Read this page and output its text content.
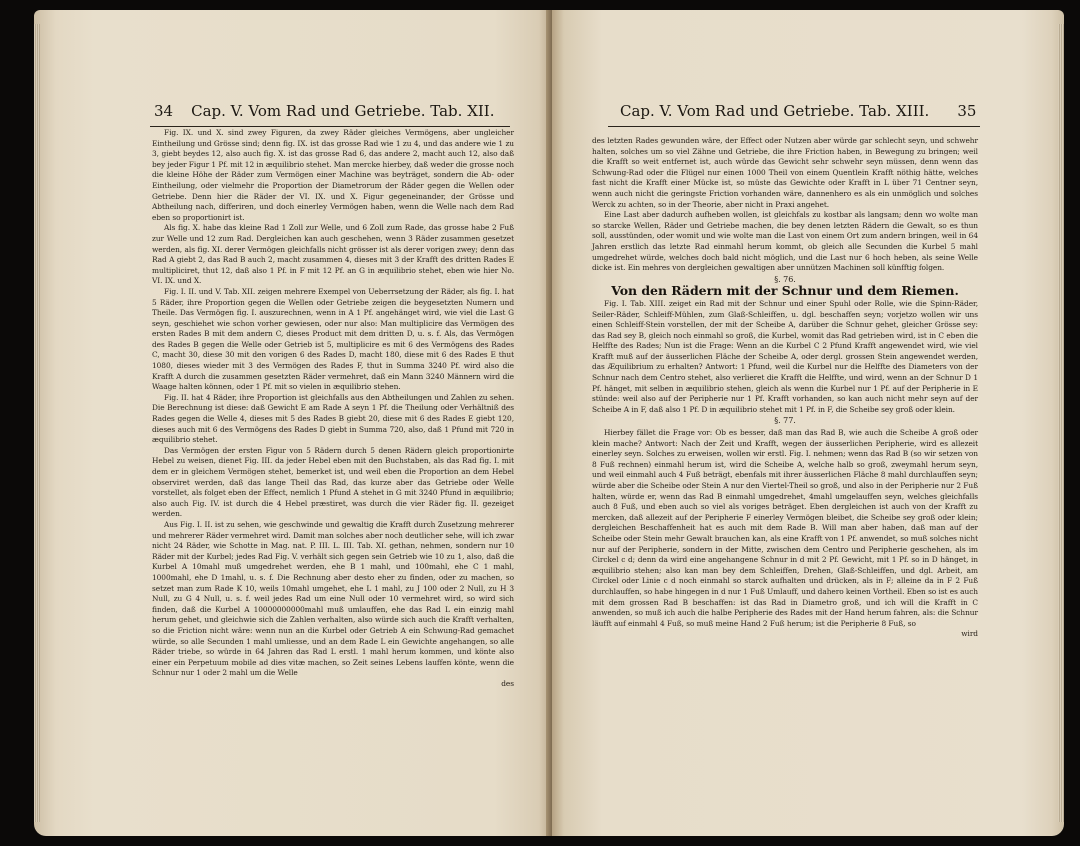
34 Cap. V. Vom Rad und Getriebe. Tab. XII.

Fig. IX. und X. sind zwey Figuren, da zwey Räder gleiches Vermögens, aber ungleicher Eintheilung und Grösse sind; denn fig. IX. ist das grosse Rad wie 1 zu 4, und das andere wie 1 zu 3, giebt beydes 12, also auch fig. X. ist das grosse Rad 6, das andere 2, macht auch 12, also daß bey jeder Figur 1 Pf. mit 12 in æquilibrio stehet. Man mercke hierbey, daß weder die grosse noch die kleine Höhe der Räder zum Vermögen einer Machine was beyträget, sondern die Ab- oder Eintheilung, oder vielmehr die Proportion der Diametrorum der Räder gegen die Wellen oder Getriebe. Denn hier die Räder der VI. IX. und X. Figur gegeneinander, der Grösse und Abtheilung nach, differiren, und doch einerley Vermögen haben, wenn die Welle nach dem Rad eben so proportionirt ist.

Als fig. X. habe das kleine Rad 1 Zoll zur Welle, und 6 Zoll zum Rade, das grosse habe 2 Fuß zur Welle und 12 zum Rad. Dergleichen kan auch geschehen, wenn 3 Räder zusammen gesetzet werden, als fig. XI. derer Vermögen gleichfalls nicht grösser ist als derer vorigen zwey; denn das Rad A giebt 2, das Rad B auch 2, macht zusammen 4, dieses mit 3 der Krafft des dritten Rades E multipliciret, thut 12, daß also 1 Pf. in F mit 12 Pf. an G in æquilibrio stehet, eben wie hier No. VI. IX. und X.

Fig. I. II. und V. Tab. XII. zeigen mehrere Exempel von Ueberrsetzung der Räder, als fig. I. hat 5 Räder, ihre Proportion gegen die Wellen oder Getriebe zeigen die beygesetzten Numern und Theile. Das Vermögen fig. I. auszurechnen, wenn in A 1 Pf. angehänget wird, wie viel die Last G seyn, geschiehet wie schon vorher gewiesen, oder nur also: Man multiplicire das Vermögen des ersten Rades B mit dem andern C, dieses Product mit dem dritten D, u. s. f. Als, das Vermögen des Rades B gegen die Welle oder Getrieb ist 5, multiplicire es mit 6 des Vermögens des Rades C, macht 30, diese 30 mit den vorigen 6 des Rades D, macht 180, diese mit 6 des Rades E thut 1080, dieses wieder mit 3 des Vermögen des Rades F, thut in Summa 3240 Pf. wird also die Krafft A durch die zusammen gesetzten Räder vermehret, daß ein Mann 3240 Männern wird die Waage halten können, oder 1 Pf. mit so vielen in æquilibrio stehen.

Fig. II. hat 4 Räder, ihre Proportion ist gleichfalls aus den Abtheilungen und Zahlen zu sehen. Die Berechnung ist diese: daß Gewicht E am Rade A seyn 1 Pf. die Theilung oder Verhältniß des Rades gegen die Welle 4, dieses mit 5 des Rades B giebt 20, diese mit 6 des Rades E giebt 120, dieses auch mit 6 des Vermögens des Rades D giebt in Summa 720, also, daß 1 Pfund mit 720 in æquilibrio stehet.

Das Vermögen der ersten Figur von 5 Rädern durch 5 denen Rädern gleich proportionirte Hebel zu weisen, dienet Fig. III. da jeder Hebel eben mit den Buchstaben, als das Rad fig. I. mit dem er in gleichem Vermögen stehet, bemerket ist, und weil eben die Proportion an dem Hebel observiret werden, daß das lange Theil das Rad, das kurze aber das Getriebe oder Welle vorstellet, als folget eben der Effect, nemlich 1 Pfund A stehet in G mit 3240 Pfund in æquilibrio; also auch Fig. IV. ist durch die 4 Hebel præstiret, was durch die vier Räder fig. II. gezeiget werden.

Aus Fig. I. II. ist zu sehen, wie geschwinde und gewaltig die Krafft durch Zusetzung mehrerer und mehrerer Räder vermehret wird. Damit man solches aber noch deutlicher sehe, will ich zwar nicht 24 Räder, wie Schotte in Mag. nat. P. III. L. III. Tab. XI. gethan, nehmen, sondern nur 10 Räder mit der Kurbel; jedes Rad Fig. V. verhält sich gegen sein Getrieb wie 10 zu 1, also, daß die Kurbel A 10mahl muß umgedrehet werden, ehe B 1 mahl, und 100mahl, ehe C 1 mahl, 1000mahl, ehe D 1mahl, u. s. f. Die Rechnung aber desto eher zu finden, oder zu machen, so setzet man zum Rade K 10, weils 10mahl umgehet, ehe L 1 mahl, zu J 100 oder 2 Null, zu H 3 Null, zu G 4 Null, u. s. f. weil jedes Rad um eine Null oder 10 vermehret wird, so wird sich finden, daß die Kurbel A 10000000000mahl muß umlauffen, ehe das Rad L ein einzig mahl herum gehet, und gleichwie sich die Zahlen verhalten, also würde sich auch die Krafft verhalten, so die Friction nicht wäre: wenn nun an die Kurbel oder Getrieb A ein Schwung-Rad gemachet würde, so alle Secunden 1 mahl umliesse, und an dem Rade L ein Gewichte angehangen, so alle Räder triebe, so würde in 64 Jahren das Rad L erstl. 1 mahl herum kommen, und könte also einer ein Perpetuum mobile ad dies vitæ machen, so Zeit seines Lebens lauffen könte, wenn die Schnur nur 1 oder 2 mahl um die Welle

des
Cap. V. Vom Rad und Getriebe. Tab. XIII. 35

des letzten Rades gewunden wäre, der Effect oder Nutzen aber würde gar schlecht seyn, und schwehr halten, solches um so viel Zähne und Getriebe, die ihre Friction haben, in Bewegung zu bringen; weil die Krafft so weit entfernet ist, auch würde das Gewicht sehr schwehr seyn müssen, denn wenn das Schwung-Rad oder die Flügel nur einen 1000 Theil von einem Quentlein Krafft nöthig hätte, welches fast nicht die Krafft einer Mücke ist, so müste das Gewichte oder Krafft in L über 71 Centner seyn, wenn auch nicht die geringste Friction vorhanden wäre, dannenhero es als ein unmöglich und solches Werck zu achten, so in der Theorie, aber nicht in Praxi angehet.

Eine Last aber dadurch aufheben wollen, ist gleichfals zu kostbar als langsam; denn wo wolte man so starcke Wellen, Räder und Getriebe machen, die bey denen letzten Rädern die Gewalt, so es thun soll, ausstünden, oder womit und wie wolte man die Last von einem Ort zum andern bringen, weil in 64 Jahren erstlich das letzte Rad einmahl herum kommt, ob gleich alle Secunden die Kurbel 5 mahl umgedrehet würde, welches doch bald nicht möglich, und die Last nur 6 hoch heben, als seine Welle dicke ist. Ein mehres von dergleichen gewaltigen aber unnützen Machinen soll künfftig folgen.

§. 76.
Von den Rädern mit der Schnur und dem Riemen.

Fig. I. Tab. XIII. zeiget ein Rad mit der Schnur und einer Spuhl oder Rolle, wie die Spinn-Räder, Seiler-Räder, Schleiff-Mühlen, zum Glaß-Schleiffen, u. dgl. beschaffen seyn; vorjetzo wollen wir uns einen Schleiff-Stein vorstellen, der mit der Scheibe A, darüber die Schnur gehet, gleicher Grösse sey: das Rad sey B, gleich noch einmahl so groß, die Kurbel, womit das Rad getrieben wird, ist in C eben die Helffte des Rades; Nun ist die Frage: Wenn an die Kurbel C 2 Pfund Krafft angewendet wird, wie viel Krafft muß auf der äusserlichen Fläche der Scheibe A, oder dergl. grossen Stein angewendet werden, das Æquilibrium zu erhalten? Antwort: 1 Pfund, weil die Kurbel nur die Helffte des Diameters von der Schnur nach dem Centro stehet, also verlieret die Krafft die Helffte, und wird, wenn an der Schnur D 1 Pf. hänget, mit selben in æquilibrio stehen, gleich als wenn die Kurbel nur 1 Pf. auf der Peripherie in E stünde: weil also auf der Peripherie nur 1 Pf. Krafft vorhanden, so kan auch nicht mehr seyn auf der Scheibe A in F, daß also 1 Pf. D in æquilibrio stehet mit 1 Pf. in F, die Scheibe sey groß oder klein.

§. 77.

Hierbey fället die Frage vor: Ob es besser, daß man das Rad B, wie auch die Scheibe A groß oder klein mache? Antwort: Nach der Zeit und Krafft, wegen der äusserlichen Peripherie, wird es allezeit einerley seyn. Solches zu erweisen, wollen wir erstl. Fig. I. nehmen; wenn das Rad B (so wir setzen von 8 Fuß rechnen) einmahl herum ist, wird die Scheibe A, welche halb so groß, zweymahl herum seyn, und weil einmahl auch 4 Fuß beträgt, ebenfals mit ihrer äusserlichen Fläche 8 mahl durchlauffen seyn; würde aber die Scheibe oder Stein A nur den Viertel-Theil so groß, und also in der Peripherie nur 2 Fuß halten, würde er, wenn das Rad B einmahl umgedrehet, 4mahl umgelauffen seyn, welches gleichfalls auch 8 Fuß, und eben auch so viel als voriges beträget. Eben dergleichen ist auch von der Krafft zu mercken, daß allezeit auf der Peripherie F einerley Vermögen bleibet, die Scheibe sey groß oder klein; dergleichen Beschaffenheit hat es auch mit dem Rade B. Will man aber haben, daß man auf der Scheibe oder Stein mehr Gewalt brauchen kan, als eine Krafft von 1 Pf. anwendet, so muß solches nicht nur auf der Peripherie, sondern in der Mitte, zwischen dem Centro und Peripherie geschehen, als im Circkel c d; denn da wird eine angehangene Schnur in d mit 2 Pf. Gewicht, mit 1 Pf. so in D hänget, in æquilibrio stehen; also kan man bey dem Schleiffen, Drehen, Glaß-Schleiffen, und dgl. Arbeit, am Circkel oder Linie c d noch einmahl so starck aufhalten und drücken, als in F; alleine da in F 2 Fuß durchlauffen, so habe hingegen in d nur 1 Fuß Umlauff, und dahero keinen Vortheil. Eben so ist es auch mit dem grossen Rad B beschaffen: ist das Rad in Diametro groß, und ich will die Krafft in C anwenden, so muß ich auch die halbe Peripherie des Rades mit der Hand herum fahren, als: die Schnur läufft auf einmahl 4 Fuß, so muß meine Hand 2 Fuß herum; ist die Peripherie 8 Fuß, so

wird
